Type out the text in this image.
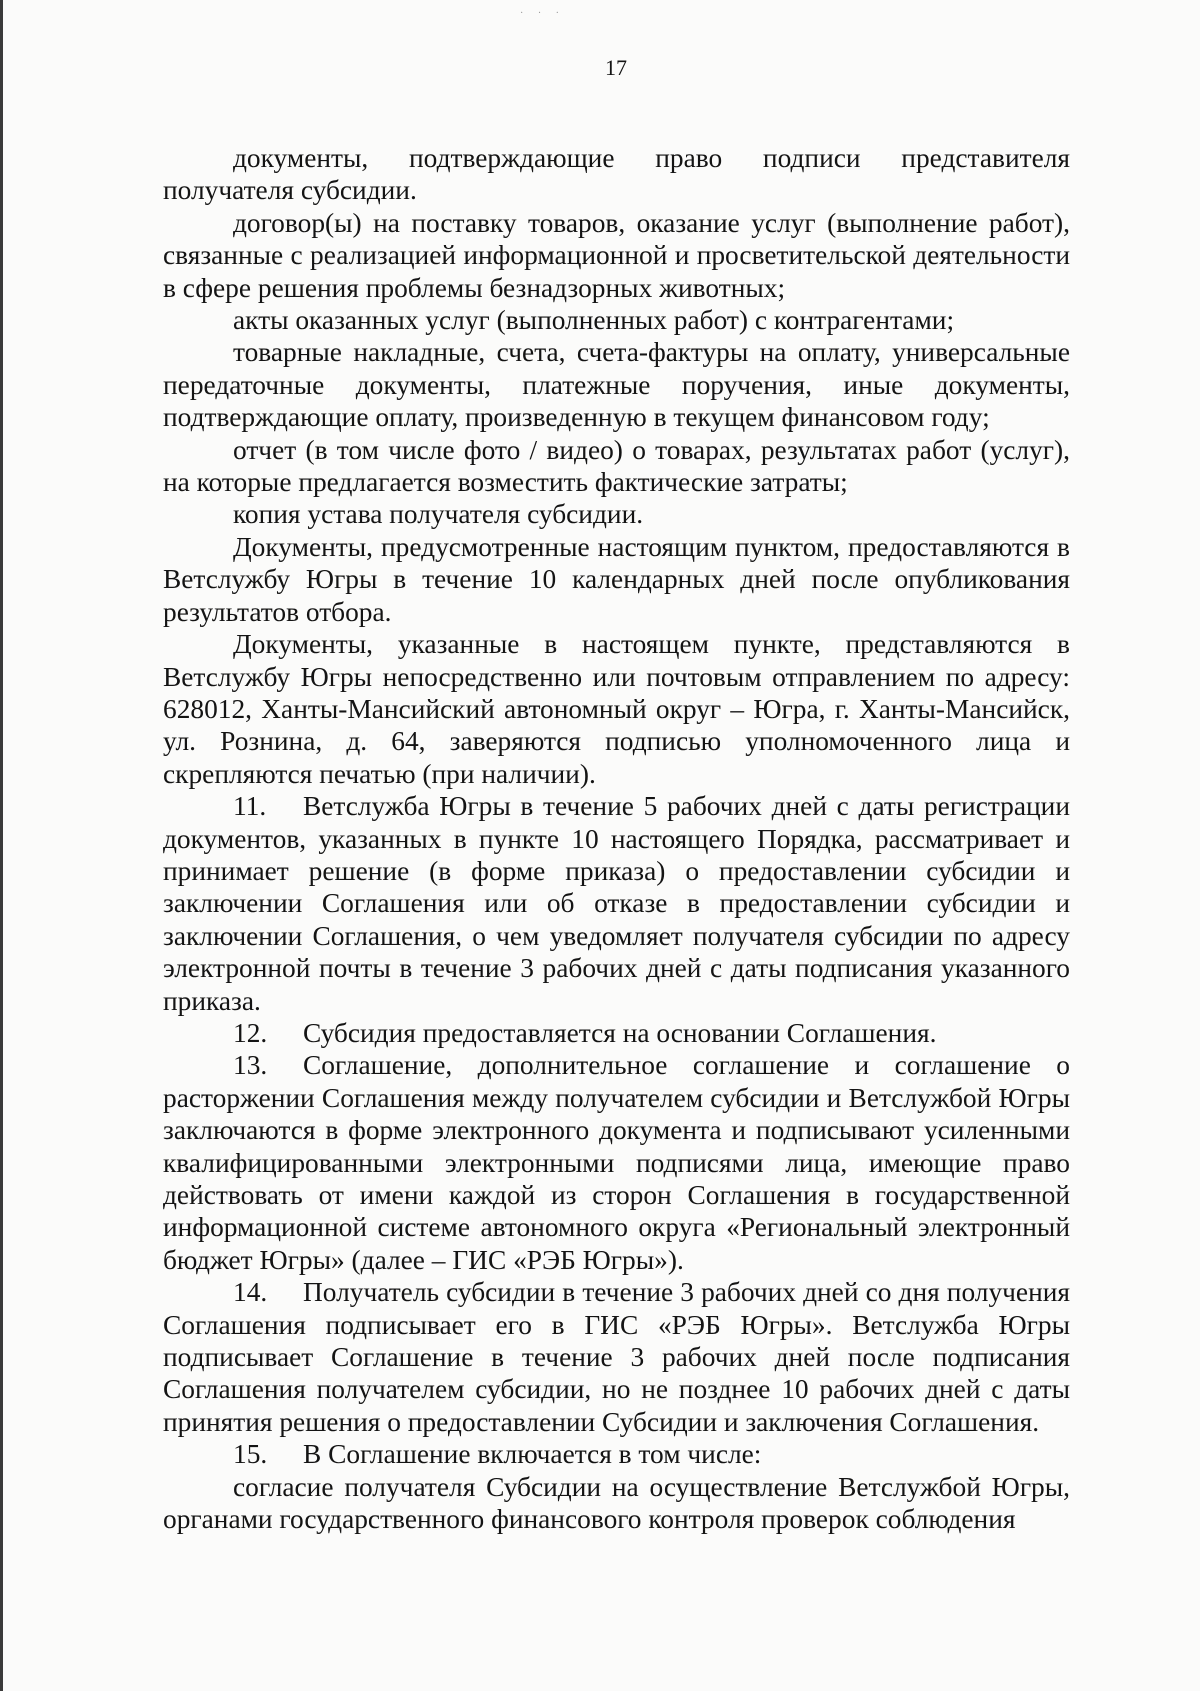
· · ·
17

документы, подтверждающие право подписи представителя получателя субсидии.

договор(ы) на поставку товаров, оказание услуг (выполнение работ), связанные с реализацией информационной и просветительской деятельности в сфере решения проблемы безнадзорных животных;

акты оказанных услуг (выполненных работ) с контрагентами;

товарные накладные, счета, счета-фактуры на оплату, универсальные передаточные документы, платежные поручения, иные документы, подтверждающие оплату, произведенную в текущем финансовом году;

отчет (в том числе фото / видео) о товарах, результатах работ (услуг), на которые предлагается возместить фактические затраты;

копия устава получателя субсидии.

Документы, предусмотренные настоящим пунктом, предоставляются в Ветслужбу Югры в течение 10 календарных дней после опубликования результатов отбора.

Документы, указанные в настоящем пункте, представляются в Ветслужбу Югры непосредственно или почтовым отправлением по адресу: 628012, Ханты-Мансийский автономный округ – Югра, г. Ханты-Мансийск, ул. Рознина, д. 64, заверяются подписью уполномоченного лица и скрепляются печатью (при наличии).

11. Ветслужба Югры в течение 5 рабочих дней с даты регистрации документов, указанных в пункте 10 настоящего Порядка, рассматривает и принимает решение (в форме приказа) о предоставлении субсидии и заключении Соглашения или об отказе в предоставлении субсидии и заключении Соглашения, о чем уведомляет получателя субсидии по адресу электронной почты в течение 3 рабочих дней с даты подписания указанного приказа.

12. Субсидия предоставляется на основании Соглашения.

13. Соглашение, дополнительное соглашение и соглашение о расторжении Соглашения между получателем субсидии и Ветслужбой Югры заключаются в форме электронного документа и подписывают усиленными квалифицированными электронными подписями лица, имеющие право действовать от имени каждой из сторон Соглашения в государственной информационной системе автономного округа «Региональный электронный бюджет Югры» (далее – ГИС «РЭБ Югры»).

14. Получатель субсидии в течение 3 рабочих дней со дня получения Соглашения подписывает его в ГИС «РЭБ Югры». Ветслужба Югры подписывает Соглашение в течение 3 рабочих дней после подписания Соглашения получателем субсидии, но не позднее 10 рабочих дней с даты принятия решения о предоставлении Субсидии и заключения Соглашения.

15. В Соглашение включается в том числе:

согласие получателя Субсидии на осуществление Ветслужбой Югры, органами государственного финансового контроля проверок соблюдения
